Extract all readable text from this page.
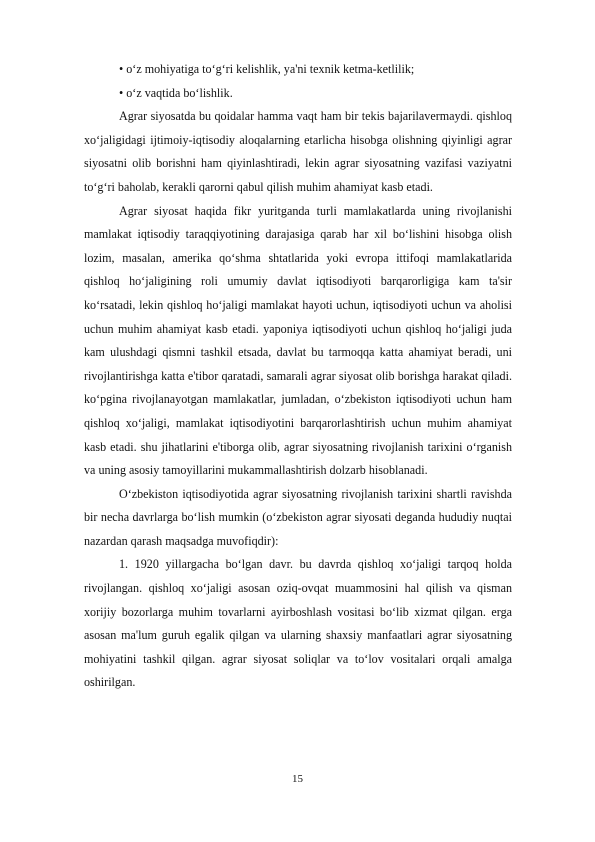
• o‘z mohiyatiga to‘g‘ri kelishlik, ya'ni texnik ketma-ketlilik;

• o‘z vaqtida bo‘lishlik.

Agrar siyosatda bu qoidalar hamma vaqt ham bir tekis bajarilavermaydi. qishloq xo‘jaligidagi ijtimoiy-iqtisodiy aloqalarning etarlicha hisobga olishning qiyinligi agrar siyosatni olib borishni ham qiyinlashtiradi, lekin agrar siyosatning vazifasi vaziyatni to‘g‘ri baholab, kerakli qarorni qabul qilish muhim ahamiyat kasb etadi.

Agrar siyosat haqida fikr yuritganda turli mamlakatlarda uning rivojlanishi mamlakat iqtisodiy taraqqiyotining darajasiga qarab har xil bo‘lishini hisobga olish lozim, masalan, amerika qo‘shma shtatlarida yoki evropa ittifoqi mamlakatlarida qishloq ho‘jaligining roli umumiy davlat iqtisodiyoti barqarorligiga kam ta'sir ko‘rsatadi, lekin qishloq ho‘jaligi mamlakat hayoti uchun, iqtisodiyoti uchun va aholisi uchun muhim ahamiyat kasb etadi. yaponiya iqtisodiyoti uchun qishloq ho‘jaligi juda kam ulushdagi qismni tashkil etsada, davlat bu tarmoqqa katta ahamiyat beradi, uni rivojlantirishga katta e'tibor qaratadi, samarali agrar siyosat olib borishga harakat qiladi. ko‘pgina rivojlanayotgan mamlakatlar, jumladan, o‘zbekiston iqtisodiyoti uchun ham qishloq xo‘jaligi, mamlakat iqtisodiyotini barqarorlashtirish uchun muhim ahamiyat kasb etadi. shu jihatlarini e'tiborga olib, agrar siyosatning rivojlanish tarixini o‘rganish va uning asosiy tamoyillarini mukammallashtirish dolzarb hisoblanadi.

O‘zbekiston iqtisodiyotida agrar siyosatning rivojlanish tarixini shartli ravishda bir necha davrlarga bo‘lish mumkin (o‘zbekiston agrar siyosati deganda hududiy nuqtai nazardan qarash maqsadga muvofiqdir):

1. 1920 yillargacha bo‘lgan davr. bu davrda qishloq xo‘jaligi tarqoq holda rivojlangan. qishloq xo‘jaligi asosan oziq-ovqat muammosini hal qilish va qisman xorijiy bozorlarga muhim tovarlarni ayirboshlash vositasi bo‘lib xizmat qilgan. erga asosan ma'lum guruh egalik qilgan va ularning shaxsiy manfaatlari agrar siyosatning mohiyatini tashkil qilgan. agrar siyosat soliqlar va to‘lov vositalari orqali amalga oshirilgan.

15
